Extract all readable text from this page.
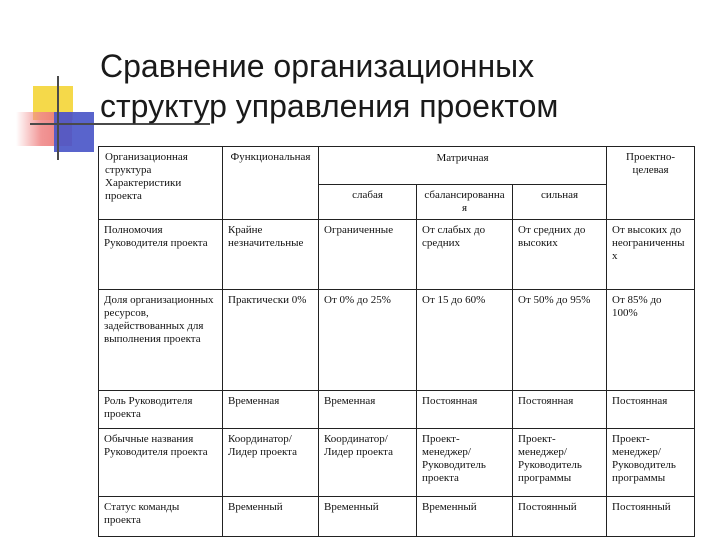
Сравнение организационных
структур управления проектом
Организационная структура Характеристики проекта	Функциональная	Матричная			Проектно-целевая
		слабая	сбалансированная	сильная	
Полномочия Руководителя проекта	Крайне незначительные	Ограниченные	От слабых до средних	От средних до высоких	От высоких до неограниченных
Доля организационных ресурсов, задействованных для выполнения проекта	Практически 0%	От 0% до 25%	От 15 до 60%	От 50% до 95%	От 85% до 100%
Роль Руководителя проекта	Временная	Временная	Постоянная	Постоянная	Постоянная
Обычные названия Руководителя проекта	Координатор/ Лидер проекта	Координатор/ Лидер проекта	Проект-менеджер/ Руководитель проекта	Проект-менеджер/ Руководитель программы	Проект-менеджер/ Руководитель программы
Статус команды проекта	Временный	Временный	Временный	Постоянный	Постоянный
